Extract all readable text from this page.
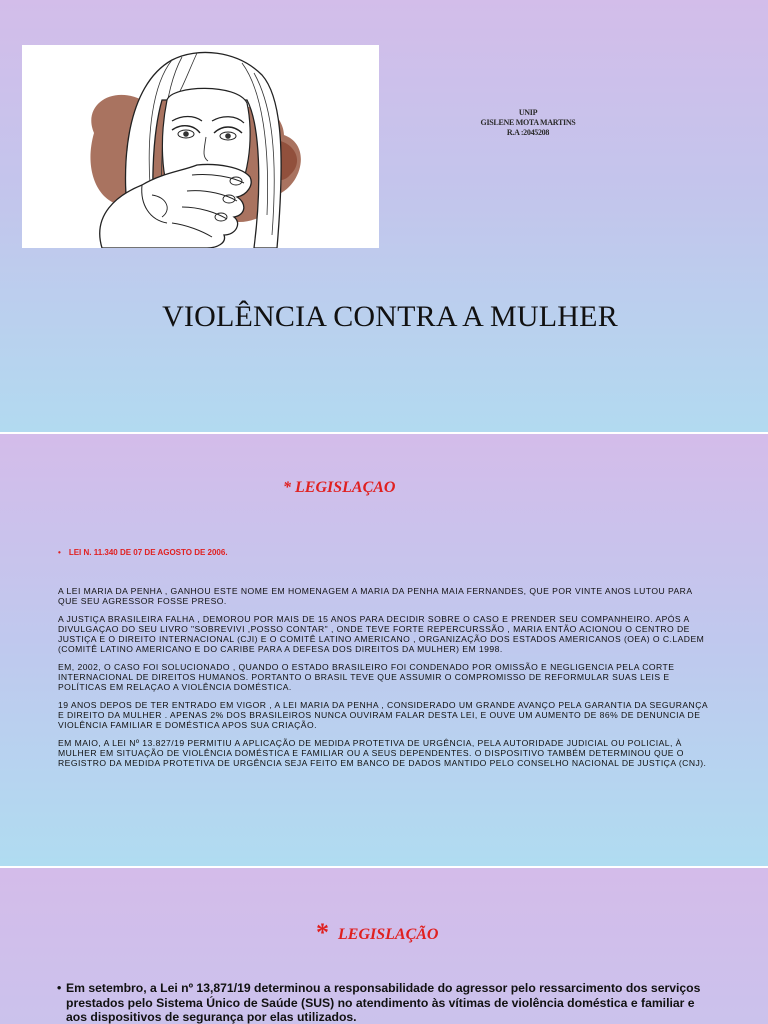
UNIP
GISLENE MOTA MARTINS
R.A :2045208
VIOLÊNCIA CONTRA A MULHER
* LEGISLAÇAO
• LEI N. 11.340 DE 07 DE AGOSTO DE 2006.

A LEI MARIA DA PENHA , GANHOU ESTE NOME EM HOMENAGEM A MARIA DA PENHA MAIA FERNANDES, QUE POR VINTE ANOS LUTOU PARA QUE SEU AGRESSOR FOSSE PRESO.

A JUSTIÇA BRASILEIRA FALHA , DEMOROU POR MAIS DE 15 ANOS PARA DECIDIR SOBRE O CASO E PRENDER SEU COMPANHEIRO. APÓS A DIVULGAÇAO DO SEU LIVRO "SOBREVIVI ,POSSO CONTAR" , ONDE TEVE FORTE REPERCURSSÃO , MARIA ENTÃO ACIONOU O CENTRO DE JUSTIÇA E O DIREITO INTERNACIONAL (CJI) E O COMITÊ LATINO AMERICANO , ORGANIZAÇÃO DOS ESTADOS AMERICANOS (OEA) O C.LADEM (COMITÊ LATINO AMERICANO E DO CARIBE PARA A DEFESA DOS DIREITOS DA MULHER) EM 1998.

EM, 2002, O CASO FOI SOLUCIONADO , QUANDO O ESTADO BRASILEIRO FOI CONDENADO POR OMISSÃO E NEGLIGENCIA PELA CORTE INTERNACIONAL DE DIREITOS HUMANOS. PORTANTO O BRASIL TEVE QUE ASSUMIR O COMPROMISSO DE REFORMULAR SUAS LEIS E POLÍTICAS EM RELAÇAO A VIOLÊNCIA DOMÉSTICA.

19 ANOS DEPOS DE TER ENTRADO EM VIGOR , A LEI MARIA DA PENHA , CONSIDERADO UM GRANDE AVANÇO PELA GARANTIA DA SEGURANÇA E DIREITO DA MULHER . APENAS 2% DOS BRASILEIROS NUNCA OUVIRAM FALAR DESTA LEI, E OUVE UM AUMENTO DE 86% DE DENUNCIA DE VIOLÊNCIA FAMILIAR E DOMÉSTICA APOS SUA CRIAÇÃO.

EM MAIO, A LEI Nº 13.827/19 PERMITIU A APLICAÇÃO DE MEDIDA PROTETIVA DE URGÊNCIA, PELA AUTORIDADE JUDICIAL OU POLICIAL, À MULHER EM SITUAÇÃO DE VIOLÊNCIA DOMÉSTICA E FAMILIAR OU A SEUS DEPENDENTES. O DISPOSITIVO TAMBÉM DETERMINOU QUE O REGISTRO DA MEDIDA PROTETIVA DE URGÊNCIA SEJA FEITO EM BANCO DE DADOS MANTIDO PELO CONSELHO NACIONAL DE JUSTIÇA (CNJ).

* LEGISLAÇÃO
• Em setembro, a Lei nº 13,871/19 determinou a responsabilidade do agressor pelo ressarcimento dos serviços prestados pelo Sistema Único de Saúde (SUS) no atendimento às vítimas de violência doméstica e familiar e aos dispositivos de segurança por elas utilizados.
